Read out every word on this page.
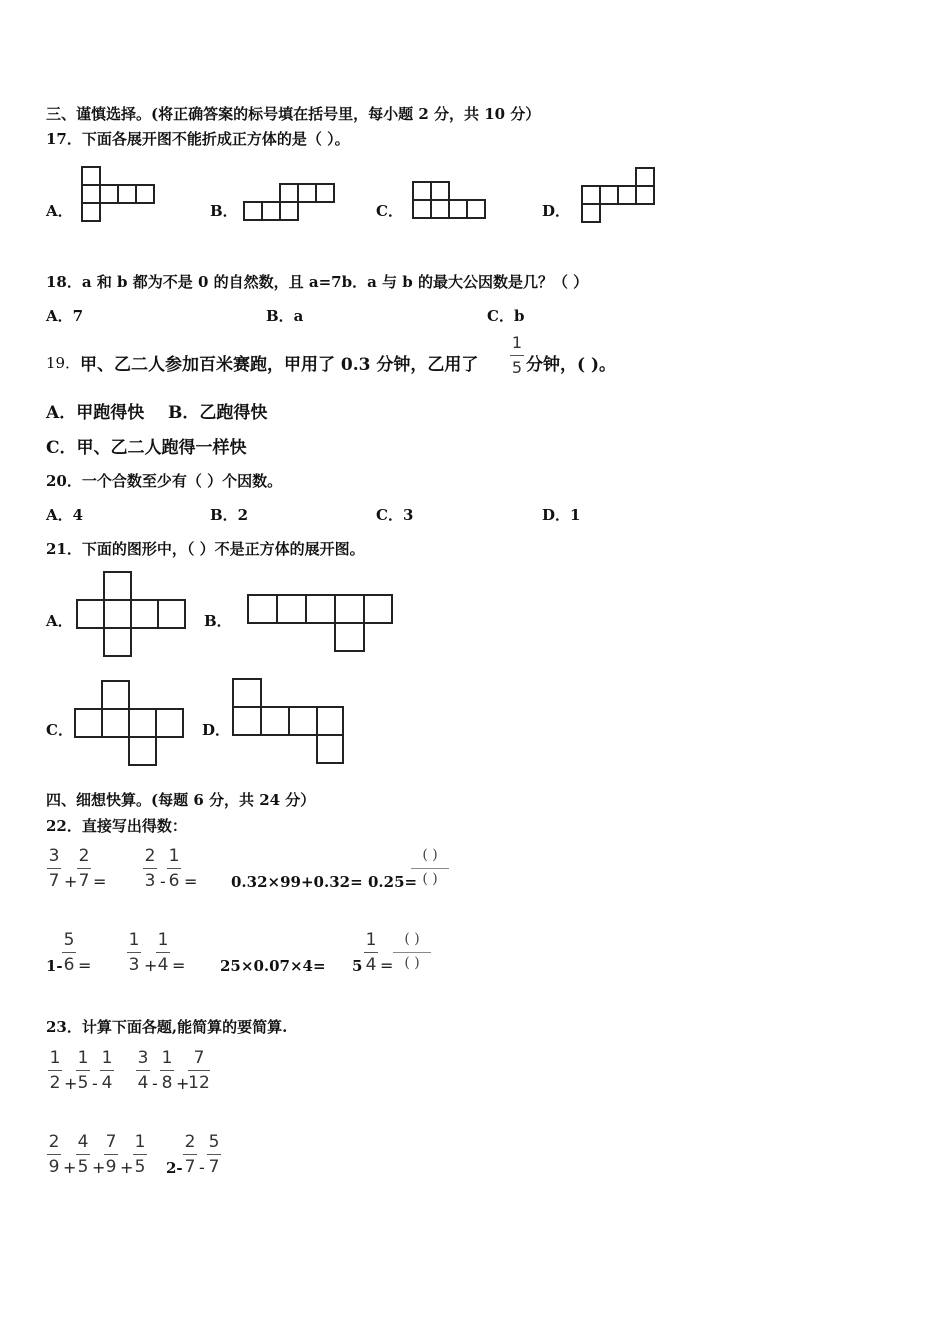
三、谨慎选择。(将正确答案的标号填在括号里，每小题 2 分，共 10 分）
17．下面各展开图不能折成正方体的是（ ）。
A．	B．	C．	D．
18．a 和 b 都为不是 0 的自然数，且 a=7b．a 与 b 的最大公因数是几？（ ）
A．7	B．a	C．b
19． 甲、乙二人参加百米赛跑，甲用了 0.3 分钟，乙用了
1
5 分钟，( )。
A．甲跑得快 B．乙跑得快
C．甲、乙二人跑得一样快
20．一个合数至少有（ ）个因数。
A．4	B．2	C．3	D．1
21．下面的图形中，（ ）不是正方体的展开图。
A．	B．
C．	D．
四、细想快算。(每题 6 分，共 24 分）
22．直接写出得数：
3
7 +
2
7 =
2
3 -
1
6 = 0.32×99+0.32= 0.25=
( )
( )
1-
5
6 =
1
3 +
1
4 = 25×0.07×4= 5
1
4 =
( )
( )
23．计算下面各题,能简算的要简算.
1
2 +
1
5 -
1
4
3
4 -
1
8 +
7
12
2
9 +
4
5 +
7
9 +
1
5 2-
2
7 -
5
7
